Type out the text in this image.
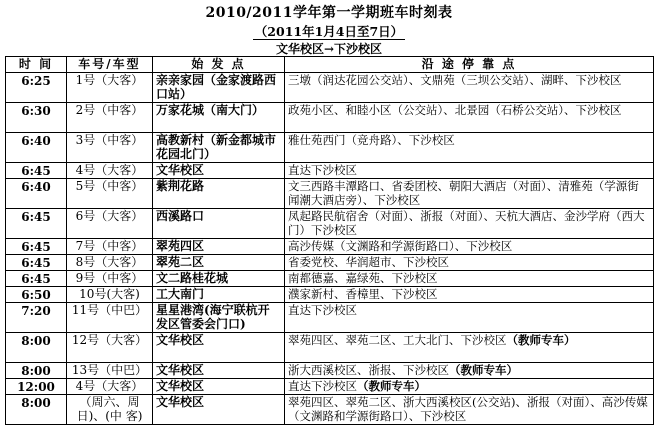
2010/2011学年第一学期班车时刻表
（2011年1月4日至7日）
文华校区→下沙校区
时 间	车号/车型	始 发 点	沿 途 停 靠 点
6:25	1号（大客）	亲亲家园（金家渡路西口站）	三墩（润达花园公交站）、文鼎苑（三坝公交站）、湖畔、下沙校区
6:30	2号（中客）	万家花城（南大门）	政苑小区、和睦小区（公交站）、北景园（石桥公交站）、下沙校区
6:40	3号（中客）	高教新村（新金都城市花园北门）	雅仕苑西门（竞舟路）、下沙校区
6:45	4号（大客）	文华校区	直达下沙校区
6:40	5号（中客）	紫荆花路	文三西路丰潭路口、省委团校、朝阳大酒店（对面）、清雅苑（学源街闻潮大酒店旁）、下沙校区
6:45	6号（大客）	西溪路口	凤起路民航宿舍（对面）、浙报（对面）、天杭大酒店、金沙学府（西大门）下沙校区
6:45	7号（中客）	翠苑四区	高沙传媒（文渊路和学源街路口）、下沙校区
6:45	8号（大客）	翠苑二区	省委党校、华润超市、下沙校区
6:45	9号（中客）	文二路桂花城	南都德嘉、嘉绿苑、下沙校区
6:50	10号(大客)	工大南门	濮家新村、香樟里、下沙校区
7:20	11号（中巴）	星星港湾(海宁联杭开发区管委会门口)	直达下沙校区
8:00	12号（大客）	文华校区	翠苑四区、翠苑二区、工大北门、下沙校区（教师专车）
8:00	13号（中巴）	文华校区	浙大西溪校区、浙报、下沙校区（教师专车）
12:00	4号（大客）	文华校区	直达下沙校区（教师专车）
8:00	（周六、周日)、(中 客)	文华校区	翠苑四区、翠苑二区、浙大西溪校区(公交站)、浙报（对面）、高沙传媒（文渊路和学源街路口）、下沙校区
